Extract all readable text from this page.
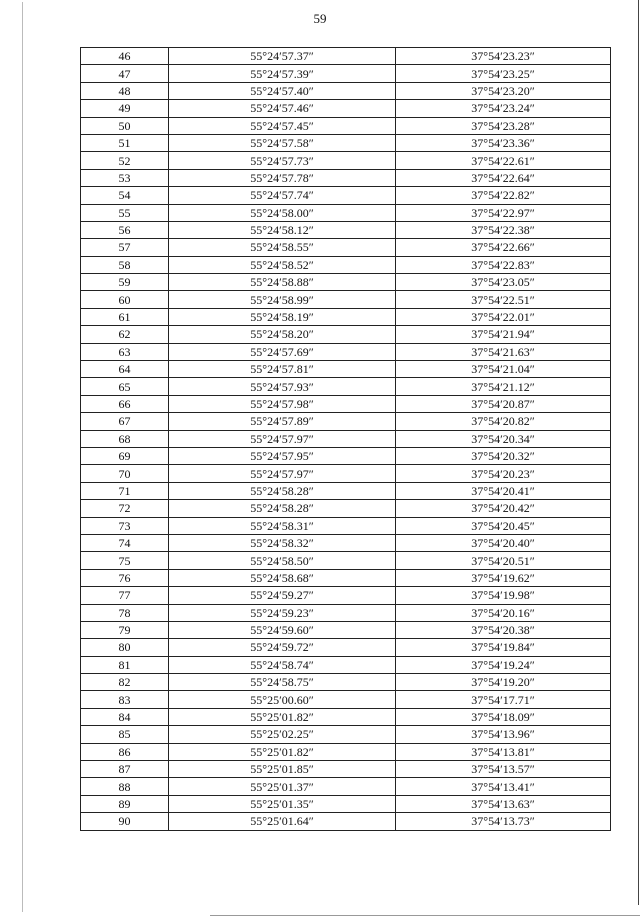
59
46	55°24′57.37″	37°54′23.23″
47	55°24′57.39″	37°54′23.25″
48	55°24′57.40″	37°54′23.20″
49	55°24′57.46″	37°54′23.24″
50	55°24′57.45″	37°54′23.28″
51	55°24′57.58″	37°54′23.36″
52	55°24′57.73″	37°54′22.61″
53	55°24′57.78″	37°54′22.64″
54	55°24′57.74″	37°54′22.82″
55	55°24′58.00″	37°54′22.97″
56	55°24′58.12″	37°54′22.38″
57	55°24′58.55″	37°54′22.66″
58	55°24′58.52″	37°54′22.83″
59	55°24′58.88″	37°54′23.05″
60	55°24′58.99″	37°54′22.51″
61	55°24′58.19″	37°54′22.01″
62	55°24′58.20″	37°54′21.94″
63	55°24′57.69″	37°54′21.63″
64	55°24′57.81″	37°54′21.04″
65	55°24′57.93″	37°54′21.12″
66	55°24′57.98″	37°54′20.87″
67	55°24′57.89″	37°54′20.82″
68	55°24′57.97″	37°54′20.34″
69	55°24′57.95″	37°54′20.32″
70	55°24′57.97″	37°54′20.23″
71	55°24′58.28″	37°54′20.41″
72	55°24′58.28″	37°54′20.42″
73	55°24′58.31″	37°54′20.45″
74	55°24′58.32″	37°54′20.40″
75	55°24′58.50″	37°54′20.51″
76	55°24′58.68″	37°54′19.62″
77	55°24′59.27″	37°54′19.98″
78	55°24′59.23″	37°54′20.16″
79	55°24′59.60″	37°54′20.38″
80	55°24′59.72″	37°54′19.84″
81	55°24′58.74″	37°54′19.24″
82	55°24′58.75″	37°54′19.20″
83	55°25′00.60″	37°54′17.71″
84	55°25′01.82″	37°54′18.09″
85	55°25′02.25″	37°54′13.96″
86	55°25′01.82″	37°54′13.81″
87	55°25′01.85″	37°54′13.57″
88	55°25′01.37″	37°54′13.41″
89	55°25′01.35″	37°54′13.63″
90	55°25′01.64″	37°54′13.73″
